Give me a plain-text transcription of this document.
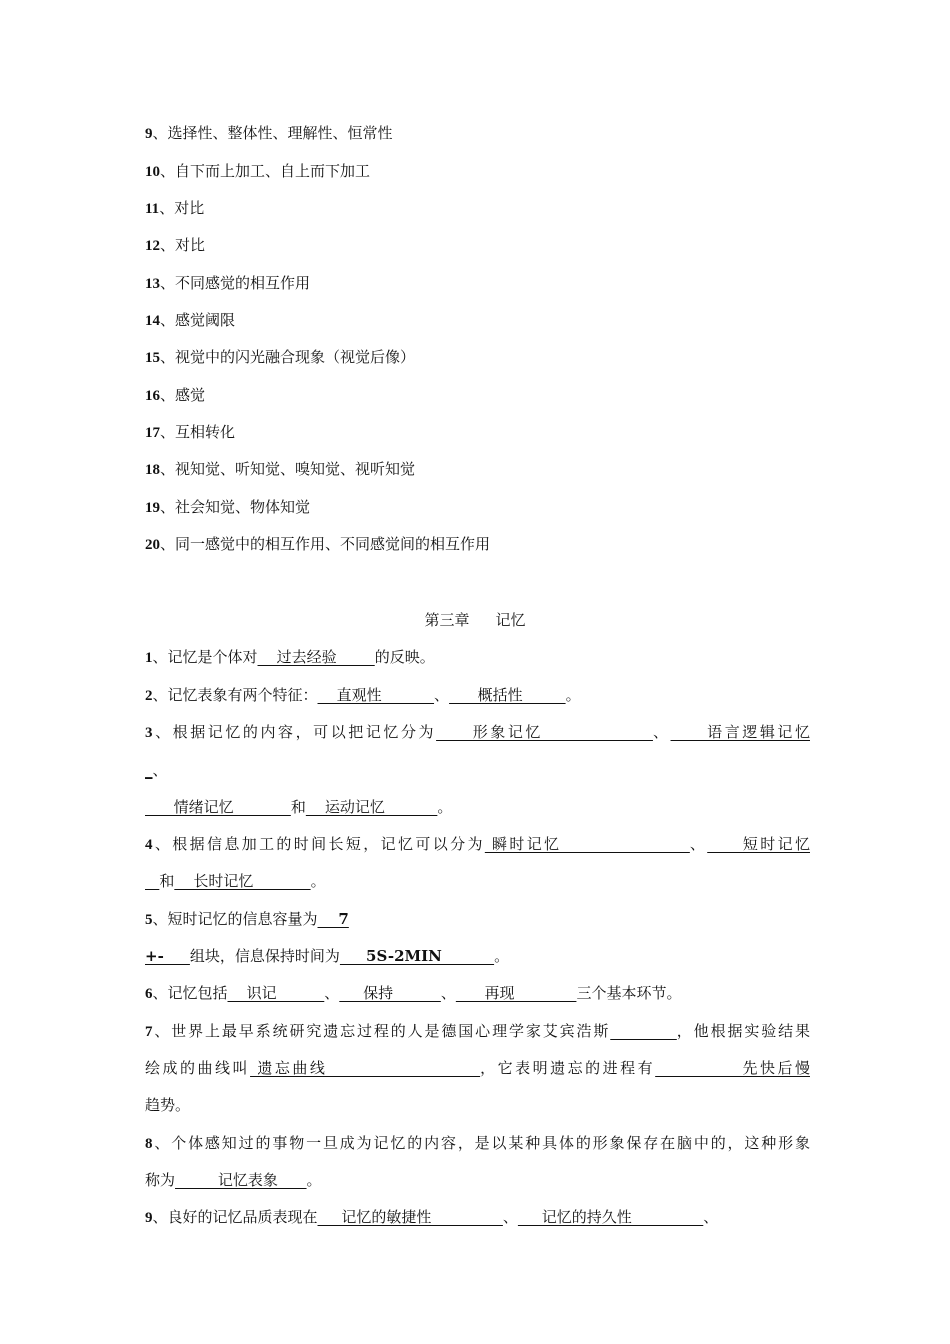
9、选择性、整体性、理解性、恒常性
10、自下而上加工、自上而下加工
11、对比
12、对比
13、不同感觉的相互作用
14、感觉阈限
15、视觉中的闪光融合现象（视觉后像）
16、感觉
17、互相转化
18、视知觉、听知觉、嗅知觉、视听知觉
19、社会知觉、物体知觉
20、同一感觉中的相互作用、不同感觉间的相互作用
第三章 记忆
1、记忆是个体对    过去经验        的反映。
2、记忆表象有两个特征：    直观性           、      概括性         。
3、根据记忆的内容，可以把记忆分为     形象记忆               、     语言逻辑记忆
_、
情绪记忆            和    运动记忆           。
4、根据信息加工的时间长短，记忆可以分为 瞬时记忆                  、     短时记忆
和    长时记忆            。
5、短时记忆的信息容量为    7
+-     组块，信息保持时间为     5S-2MIN          。
6、记忆包括    识记          、     保持          、      再现             三个基本环节。
7、世界上最早系统研究遗忘过程的人是德国心理学家艾宾浩斯	，他根据实验结果
绘成的曲线叫 遗忘曲线                     ，它表明遗忘的进程有            先快后慢
趋势。
8、个体感知过的事物一旦成为记忆的内容，是以某种具体的形象保存在脑中的，这种形象
称为         记忆表象      。
9、良好的记忆品质表现在     记忆的敏捷性               、     记忆的持久性               、
